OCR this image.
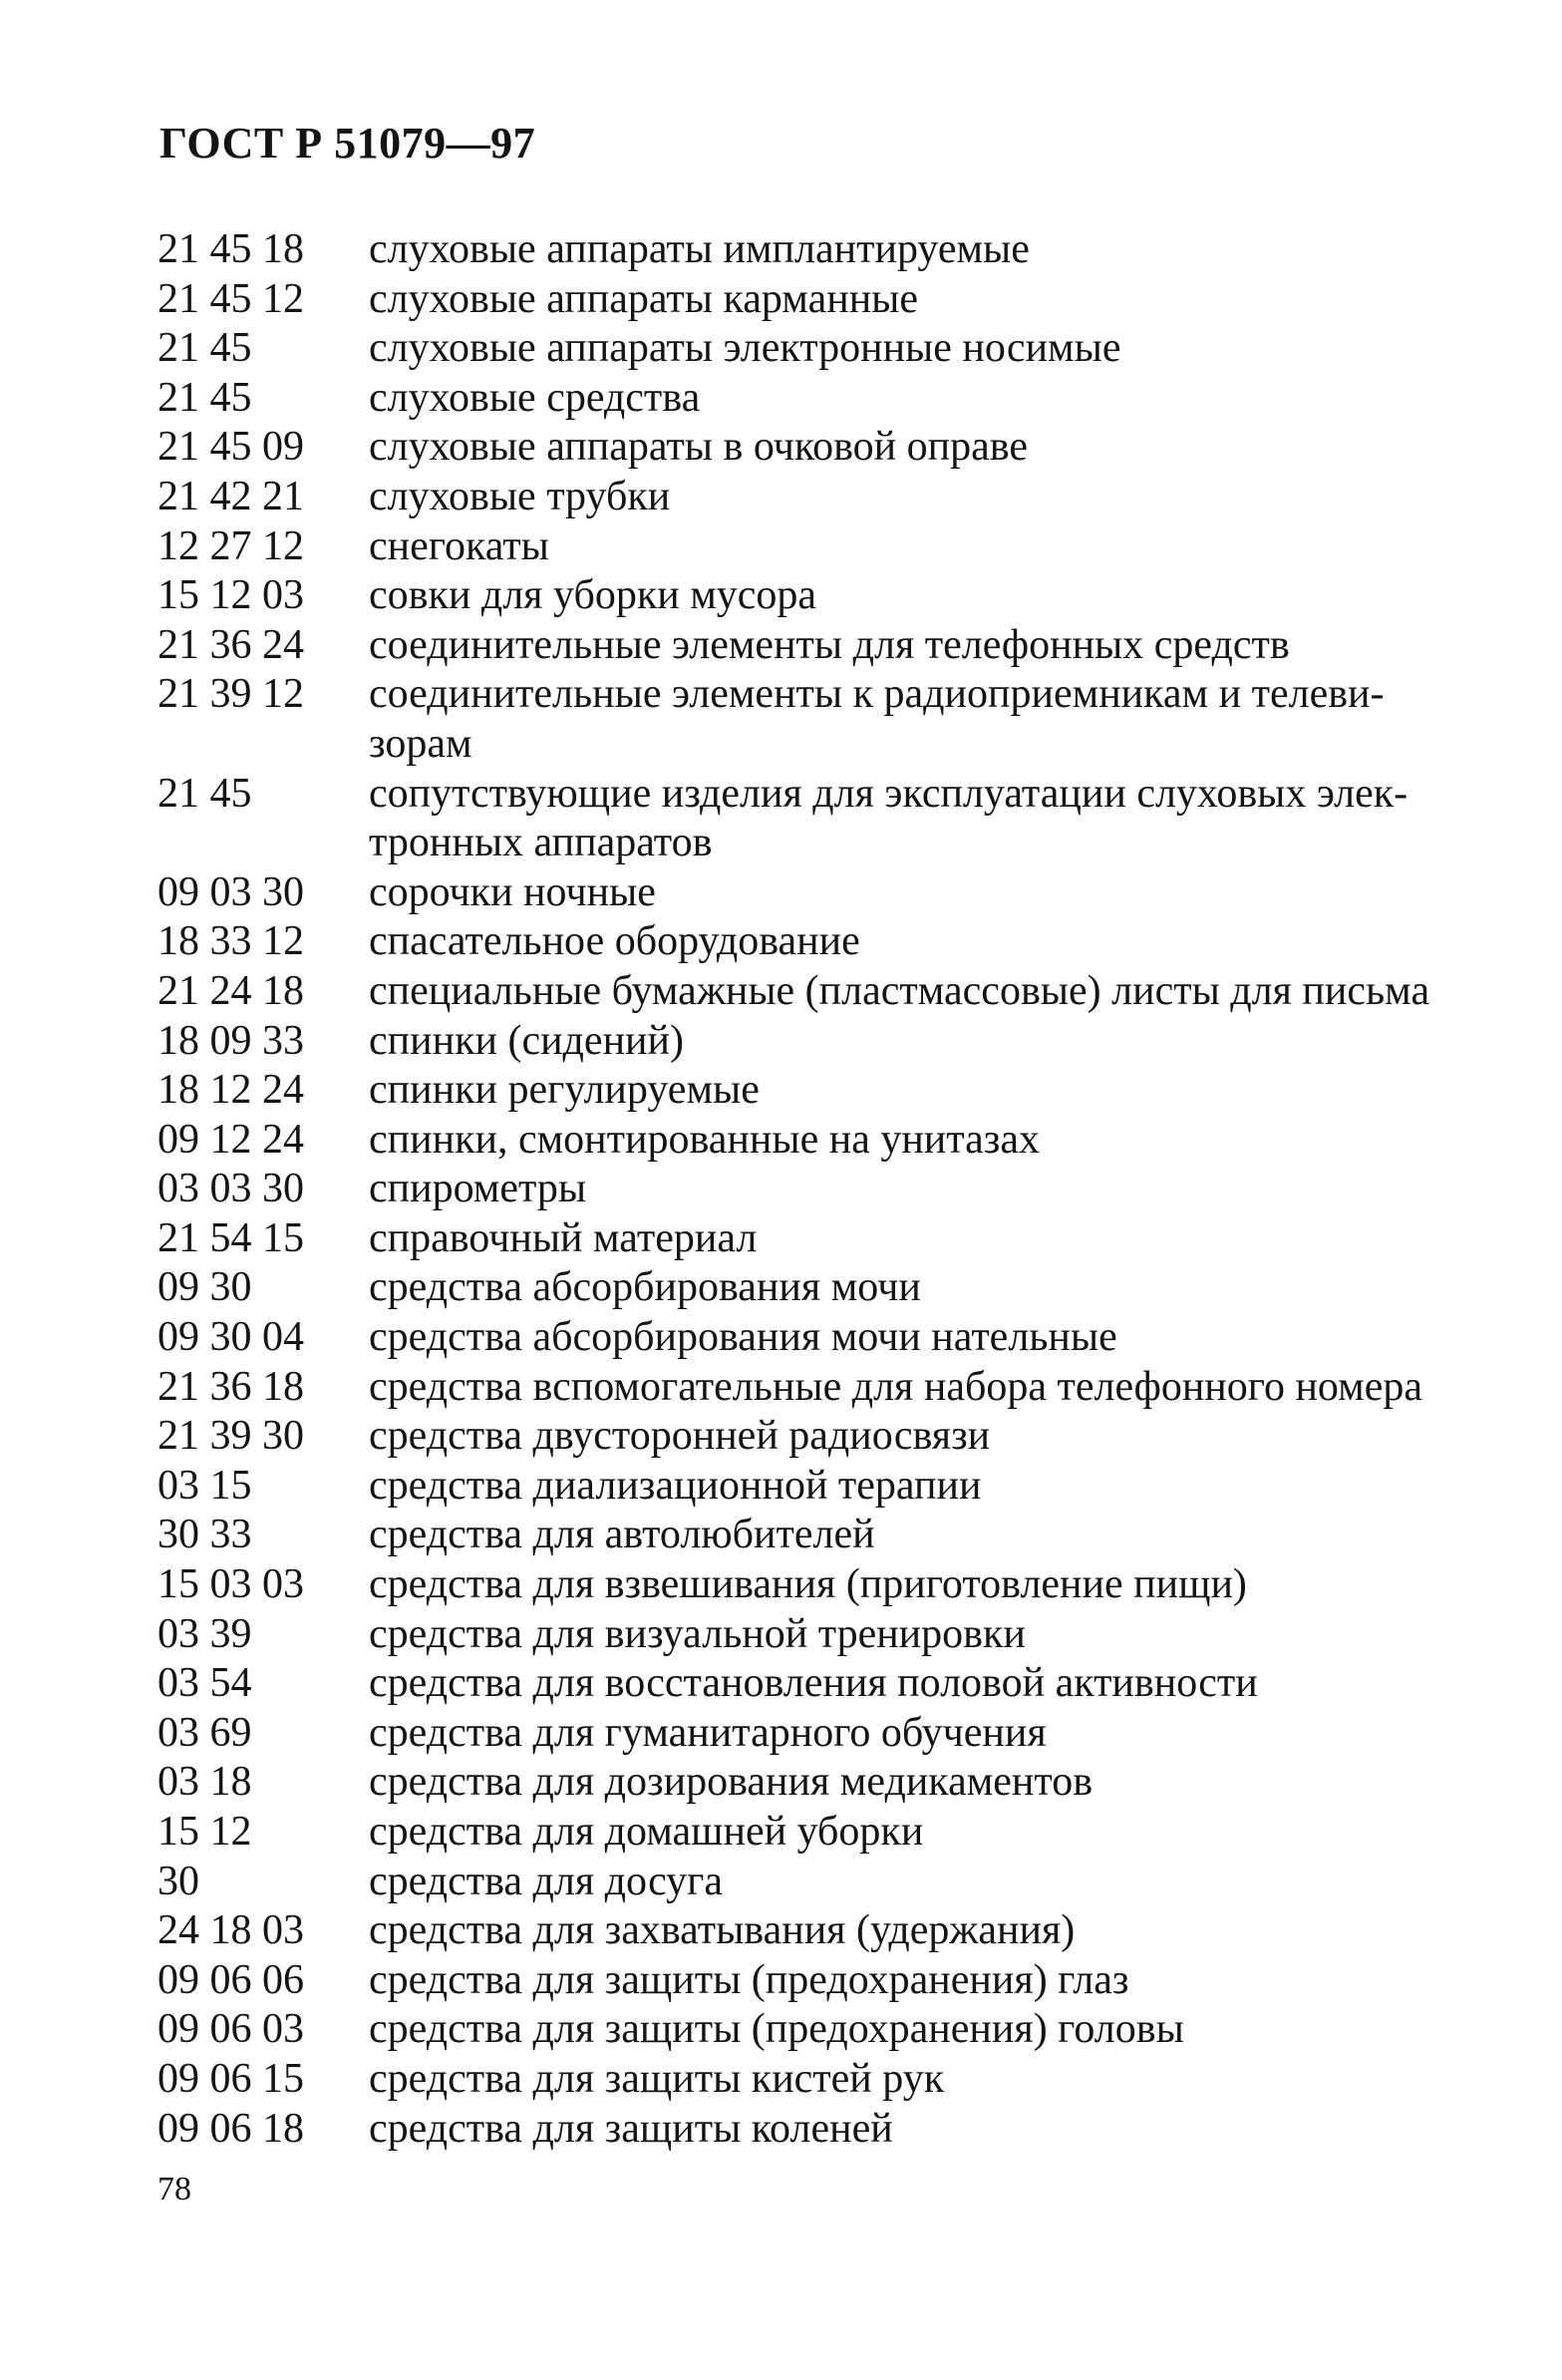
ГОСТ Р 51079—97
21 45 18	слуховые аппараты имплантируемые
21 45 12	слуховые аппараты карманные
21 45	слуховые аппараты электронные носимые
21 45	слуховые средства
21 45 09	слуховые аппараты в очковой оправе
21 42 21	слуховые трубки
12 27 12	снегокаты
15 12 03	совки для уборки мусора
21 36 24	соединительные элементы для телефонных средств
21 39 12	соединительные элементы к радиоприемникам и телеви-
зорам
21 45	сопутствующие изделия для эксплуатации слуховых элек-
тронных аппаратов
09 03 30	сорочки ночные
18 33 12	спасательное оборудование
21 24 18	специальные бумажные (пластмассовые) листы для письма
18 09 33	спинки (сидений)
18 12 24	спинки регулируемые
09 12 24	спинки, смонтированные на унитазах
03 03 30	спирометры
21 54 15	справочный материал
09 30	средства абсорбирования мочи
09 30 04	средства абсорбирования мочи нательные
21 36 18	средства вспомогательные для набора телефонного номера
21 39 30	средства двусторонней радиосвязи
03 15	средства диализационной терапии
30 33	средства для автолюбителей
15 03 03	средства для взвешивания (приготовление пищи)
03 39	средства для визуальной тренировки
03 54	средства для восстановления половой активности
03 69	средства для гуманитарного обучения
03 18	средства для дозирования медикаментов
15 12	средства для домашней уборки
30	средства для досуга
24 18 03	средства для захватывания (удержания)
09 06 06	средства для защиты (предохранения) глаз
09 06 03	средства для защиты (предохранения) головы
09 06 15	средства для защиты кистей рук
09 06 18	средства для защиты коленей
78
